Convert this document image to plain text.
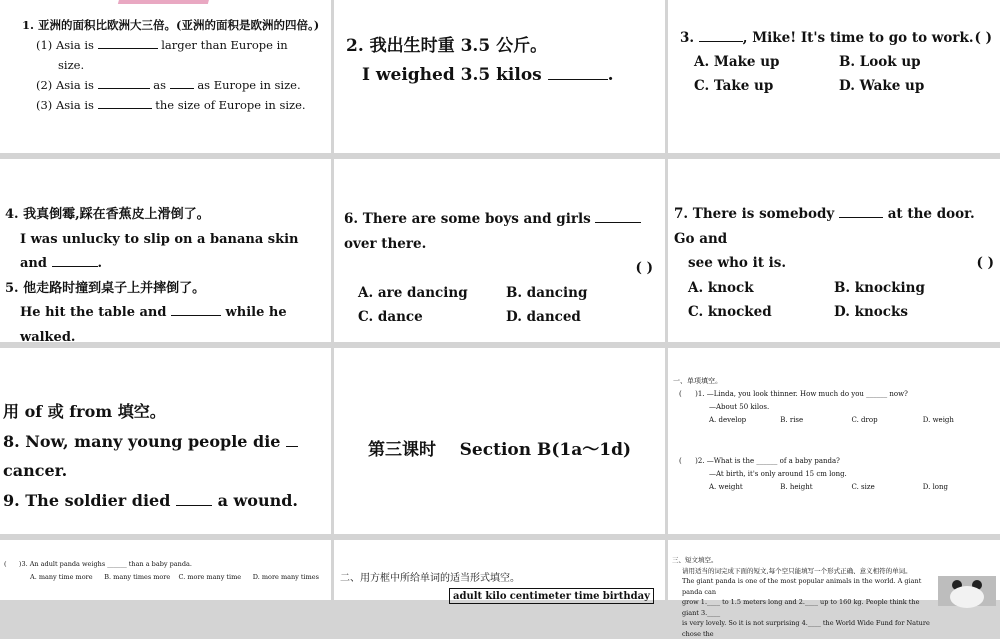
1. 亚洲的面积比欧洲大三倍。(亚洲的面积是欧洲的四倍。)
(1) Asia is	larger than Europe in
size.
(2) Asia is	as	as Europe in size.
(3) Asia is	the size of Europe in size.
2. 我出生时重 3.5 公斤。
I weighed 3.5 kilos	.
3.	, Mike! It's time to go to work. ( )
A. Make up	B. Look up
C. Take up	D. Wake up
4. 我真倒霉,踩在香蕉皮上滑倒了。
I was unlucky to slip on a banana skin and	.
5. 他走路时撞到桌子上并摔倒了。
He hit the table and	while he walked.
6. There are some boys and girls  over there.
( )
A. are dancing	B. dancing
C. dance	D. danced
7. There is somebody	at the door. Go and
see who it is.	( )
A. knock	B. knocking
C. knocked	D. knocks
用 of 或 from 填空。
8. Now, many young people die  cancer.
9. The soldier died	a wound.
第三课时    Section B(1a～1d)
一、单项填空。
(      )1. —Linda, you look thinner. How much do you ______ now?
—About 50 kilos.
A. develop	B. rise	C. drop	D. weigh
(      )2. —What is the ______ of a baby panda?
—At birth, it's only around 15 cm long.
A. weight	B. height	C. size	D. long
(      )3. An adult panda weighs ______ than a baby panda.
A. many time more	B. many times more	C. more many time	D. more many times	二、用方框中所给单词的适当形式填空。
adult kilo centimeter time birthday
三、短文填空。
请用适当的词完成下面的短文,每个空只能填写一个形式正确、意义相符的单词。
The giant panda is one of the most popular animals in the world. A giant panda can
grow 1.____ to 1.5 meters long and 2.____ up to 160 kg. People think the giant 3.____
is very lovely. So it is not surprising 4.____ the World Wide Fund for Nature chose the
